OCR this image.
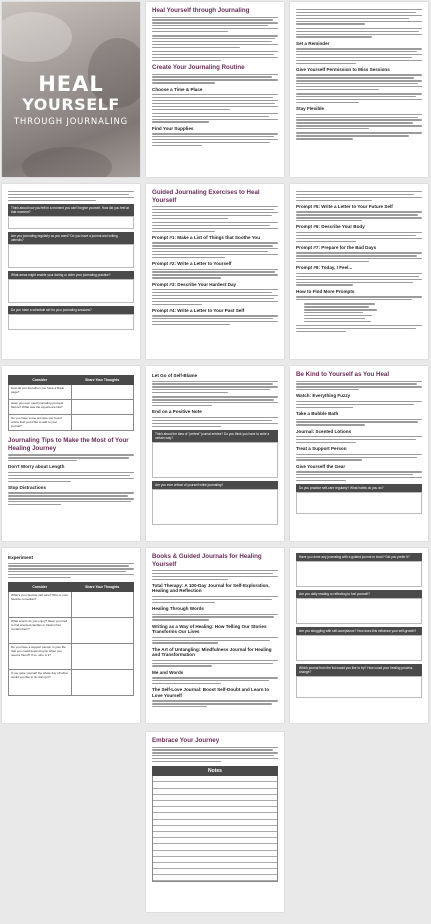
HEAL
YOURSELF
THROUGH JOURNALING
Heal Yourself through Journaling
Create Your Journaling Routine
Choose a Time & Place
Find Your Supplies
Set a Reminder
Give Yourself Permission to Miss Sessions
Stay Flexible
Think about how you felt in a moment you can't forgive yourself. How did you feel at that moment?
Are you journaling regularly as you want? Do you have a journal and writing utensils?
What areas might enable your daring or older your journaling practice?
Do you have a schedule set for your journaling sessions?
Guided Journaling Exercises to Heal Yourself
Prompt #1: Make a List of Things that Soothe You
Prompt #2: Write a Letter to Yourself
Prompt #3: Describe Your Hardest Day
Prompt #4: Write a Letter to Your Past Self
Prompt #5: Write a Letter to Your Future Self
Prompt #6: Describe Your Body
Prompt #7: Prepare for the Bad Days
Prompt #8: Today, I Feel...
How to Find More Prompts
Consider	Share Your Thoughts
How do you feel when you have a blank page?	
Have you ever used journaling prompts before? What was the experience like?	
Do you have some prompts you found online that you'd like to add to your journal?	
Journaling Tips to Make the Most of Your Healing Journey
Don't Worry about Length
Stop Distractions
Let Go of Self-Blame
End on a Positive Note
Think about the idea of "perfect" journal entries? Do you think you have to write a certain way?
Are you ever critical of yourself while journaling?
Be Kind to Yourself as You Heal
Watch: Everything Fuzzy
Take a Bubble Bath
Journal: Scented Lotions
Treat a Support Person
Give Yourself the Gear
Do you practice self-care regularly? What habits do you do?
Experiment
Consider	Share Your Thoughts
What's your favorite self-care? Who is your favorite comedian?	
What scents do you enjoy? Have you tried to find scented candles or lotions that contain them?	
Do you have a support person in your life that you could depend upon when you need a friend? If so, who is it?	
If you gave yourself the whole day off what would you like to do during it?	
Books & Guided Journals for Healing Yourself
Total Therapy: A 100-Day Journal for Self-Exploration, Healing and Reflection
Healing Through Words
Writing as a Way of Healing: How Telling Our Stories Transforms Our Lives
The Art of Untangling: Mindfulness Journal for Healing and Transformation
Me and Words
The Self-Love Journal: Boost Self-Doubt and Learn to Love Yourself
Have you done any journaling with a guided journal or book? Did you prefer it?
Are you daily reading or reflecting to fuel yourself?
Are you struggling with self-acceptance? How does this influence your self-growth?
Which journal from the list would you like to try? How could your healing process change?
Embrace Your Journey
Notes
